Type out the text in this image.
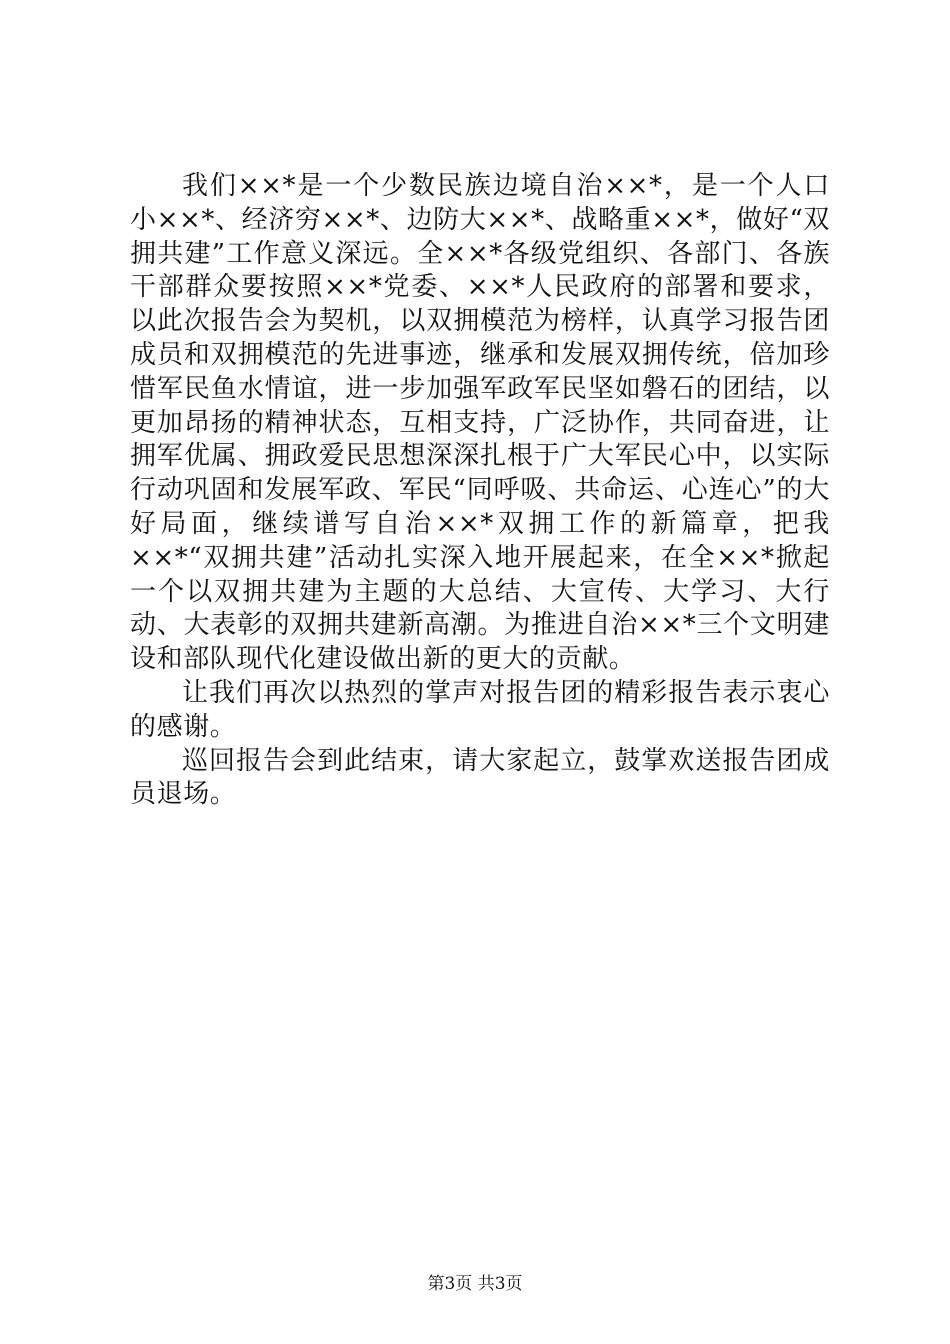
我们××*是一个少数民族边境自治××*，是一个人口小××*、经济穷××*、边防大××*、战略重××*，做好“双拥共建”工作意义深远。全××*各级党组织、各部门、各族干部群众要按照××*党委、××*人民政府的部署和要求，以此次报告会为契机，以双拥模范为榜样，认真学习报告团成员和双拥模范的先进事迹，继承和发展双拥传统，倍加珍惜军民鱼水情谊，进一步加强军政军民坚如磐石的团结，以更加昂扬的精神状态，互相支持，广泛协作，共同奋进，让拥军优属、拥政爱民思想深深扎根于广大军民心中，以实际行动巩固和发展军政、军民“同呼吸、共命运、心连心”的大好局面，继续谱写自治××*双拥工作的新篇章，把我××*“双拥共建”活动扎实深入地开展起来，在全××*掀起一个以双拥共建为主题的大总结、大宣传、大学习、大行动、大表彰的双拥共建新高潮。为推进自治××*三个文明建设和部队现代化建设做出新的更大的贡献。

让我们再次以热烈的掌声对报告团的精彩报告表示衷心的感谢。

巡回报告会到此结束，请大家起立，鼓掌欢送报告团成员退场。

第3页 共3页
